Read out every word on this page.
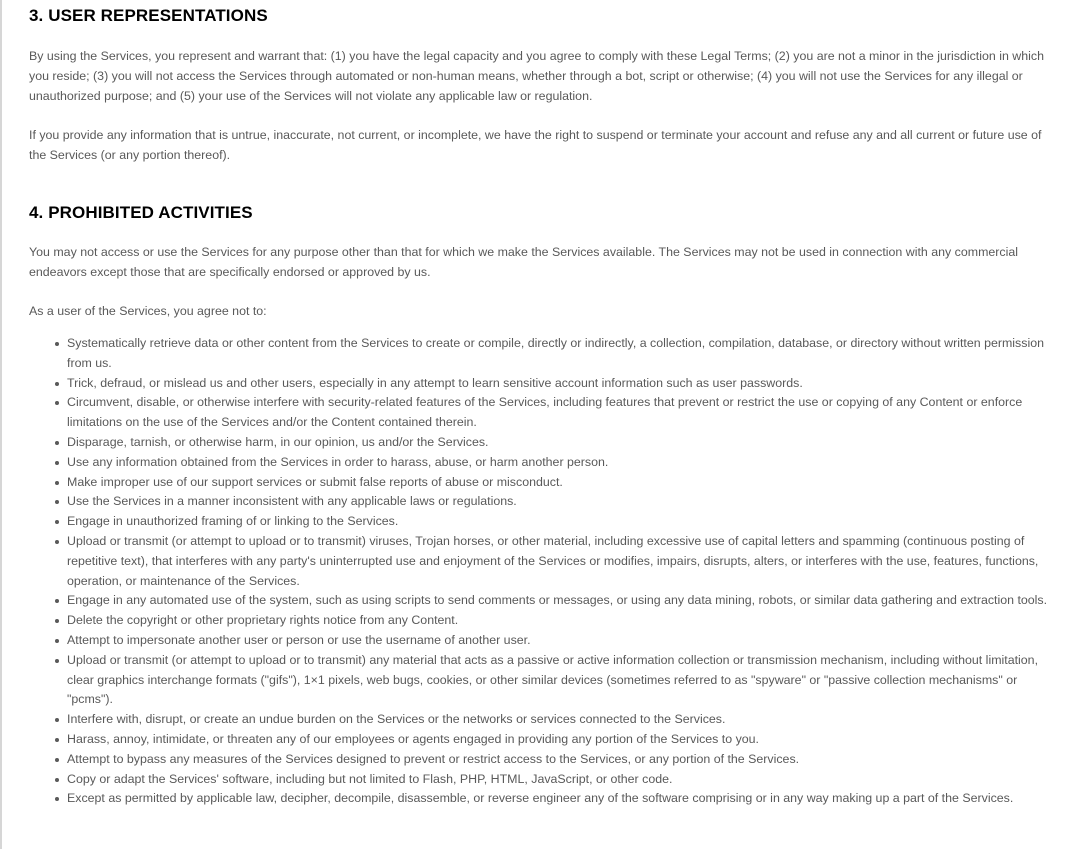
3. USER REPRESENTATIONS

By using the Services, you represent and warrant that: (1) you have the legal capacity and you agree to comply with these Legal Terms; (2) you are not a minor in the jurisdiction in which you reside; (3) you will not access the Services through automated or non-human means, whether through a bot, script or otherwise; (4) you will not use the Services for any illegal or unauthorized purpose; and (5) your use of the Services will not violate any applicable law or regulation.

If you provide any information that is untrue, inaccurate, not current, or incomplete, we have the right to suspend or terminate your account and refuse any and all current or future use of the Services (or any portion thereof).

4. PROHIBITED ACTIVITIES

You may not access or use the Services for any purpose other than that for which we make the Services available. The Services may not be used in connection with any commercial endeavors except those that are specifically endorsed or approved by us.

As a user of the Services, you agree not to:

Systematically retrieve data or other content from the Services to create or compile, directly or indirectly, a collection, compilation, database, or directory without written permission from us.
Trick, defraud, or mislead us and other users, especially in any attempt to learn sensitive account information such as user passwords.
Circumvent, disable, or otherwise interfere with security-related features of the Services, including features that prevent or restrict the use or copying of any Content or enforce limitations on the use of the Services and/or the Content contained therein.
Disparage, tarnish, or otherwise harm, in our opinion, us and/or the Services.
Use any information obtained from the Services in order to harass, abuse, or harm another person.
Make improper use of our support services or submit false reports of abuse or misconduct.
Use the Services in a manner inconsistent with any applicable laws or regulations.
Engage in unauthorized framing of or linking to the Services.
Upload or transmit (or attempt to upload or to transmit) viruses, Trojan horses, or other material, including excessive use of capital letters and spamming (continuous posting of repetitive text), that interferes with any party's uninterrupted use and enjoyment of the Services or modifies, impairs, disrupts, alters, or interferes with the use, features, functions, operation, or maintenance of the Services.
Engage in any automated use of the system, such as using scripts to send comments or messages, or using any data mining, robots, or similar data gathering and extraction tools.
Delete the copyright or other proprietary rights notice from any Content.
Attempt to impersonate another user or person or use the username of another user.
Upload or transmit (or attempt to upload or to transmit) any material that acts as a passive or active information collection or transmission mechanism, including without limitation, clear graphics interchange formats ("gifs"), 1×1 pixels, web bugs, cookies, or other similar devices (sometimes referred to as "spyware" or "passive collection mechanisms" or "pcms").
Interfere with, disrupt, or create an undue burden on the Services or the networks or services connected to the Services.
Harass, annoy, intimidate, or threaten any of our employees or agents engaged in providing any portion of the Services to you.
Attempt to bypass any measures of the Services designed to prevent or restrict access to the Services, or any portion of the Services.
Copy or adapt the Services' software, including but not limited to Flash, PHP, HTML, JavaScript, or other code.
Except as permitted by applicable law, decipher, decompile, disassemble, or reverse engineer any of the software comprising or in any way making up a part of the Services.
